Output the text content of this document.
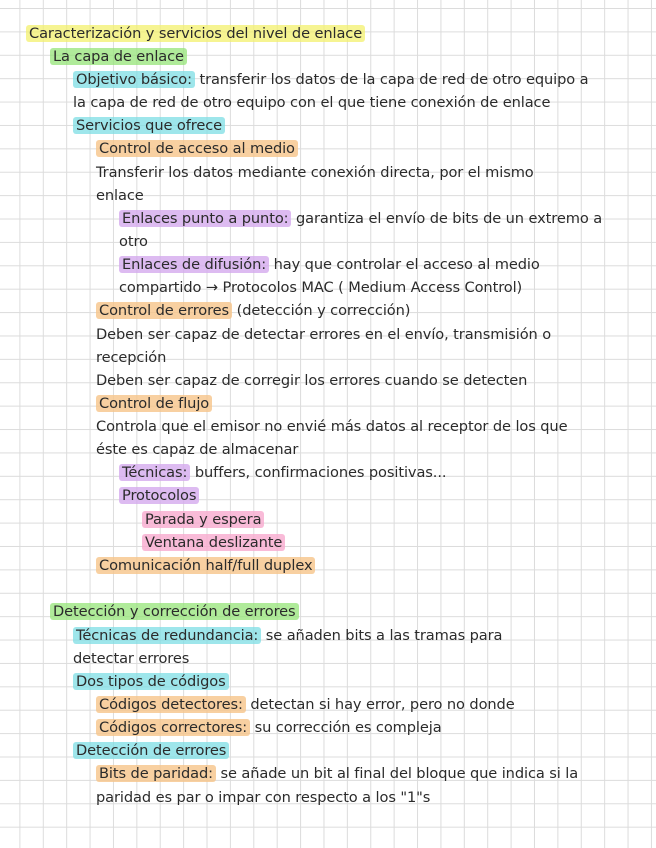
Caracterización y servicios del nivel de enlace
La capa de enlace
Objetivo básico: transferir los datos de la capa de red de otro equipo a
la capa de red de otro equipo con el que tiene conexión de enlace
Servicios que ofrece
Control de acceso al medio
Transferir los datos mediante conexión directa, por el mismo
enlace
Enlaces punto a punto: garantiza el envío de bits de un extremo a
otro
Enlaces de difusión: hay que controlar el acceso al medio
compartido → Protocolos MAC ( Medium Access Control)
Control de errores (detección y corrección)
Deben ser capaz de detectar errores en el envío, transmisión o
recepción
Deben ser capaz de corregir los errores cuando se detecten
Control de flujo
Controla que el emisor no envié más datos al receptor de los que
éste es capaz de almacenar
Técnicas: buffers, confirmaciones positivas...
Protocolos
Parada y espera
Ventana deslizante
Comunicación half/full duplex
Detección y corrección de errores
Técnicas de redundancia: se añaden bits a las tramas para
detectar errores
Dos tipos de códigos
Códigos detectores: detectan si hay error, pero no donde
Códigos correctores: su corrección es compleja
Detección de errores
Bits de paridad: se añade un bit al final del bloque que indica si la
paridad es par o impar con respecto a los "1"s
